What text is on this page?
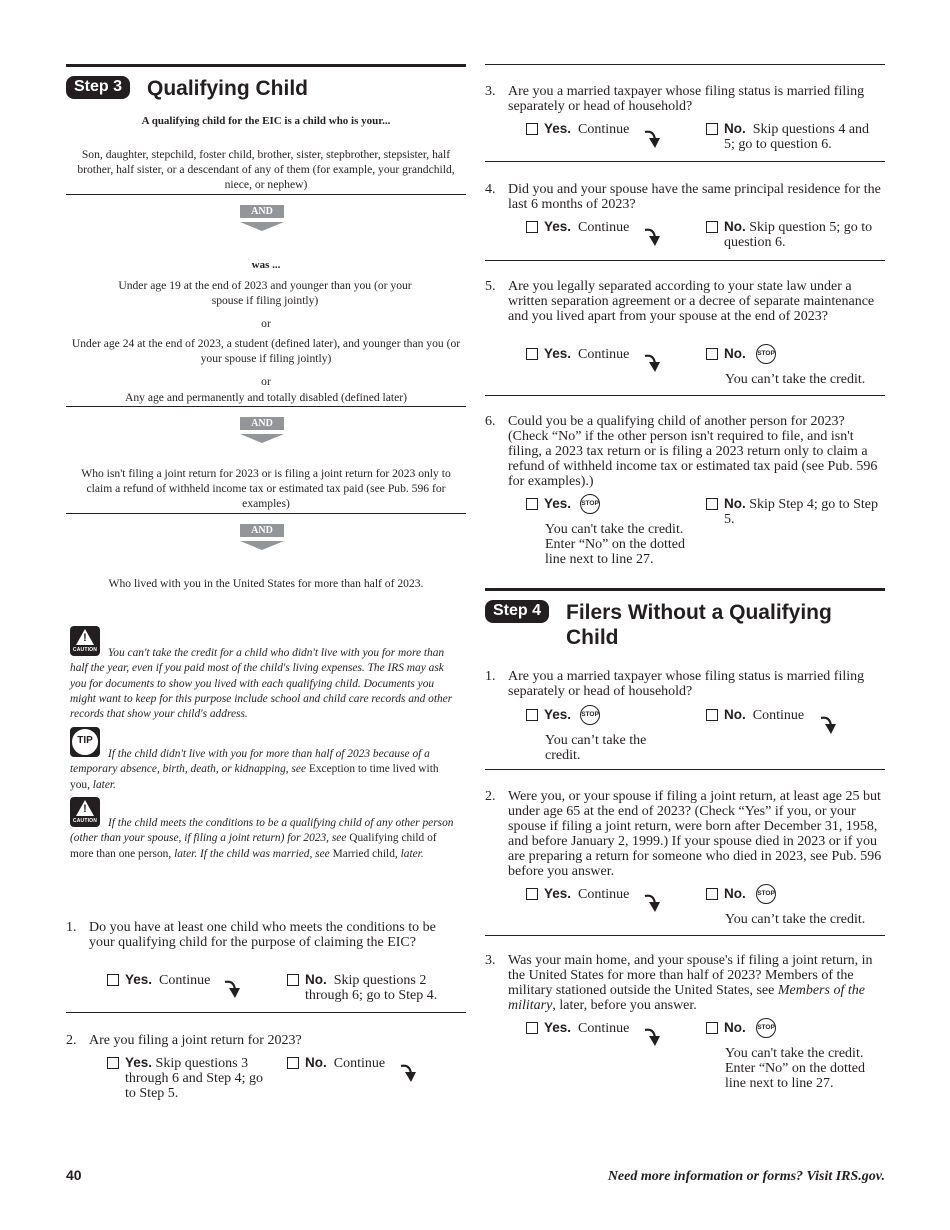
Step 3	Qualifying Child
A qualifying child for the EIC is a child who is your...
Son, daughter, stepchild, foster child, brother, sister, stepbrother, stepsister, half brother, half sister, or a descendant of any of them (for example, your grandchild, niece, or nephew)
AND
was ...
Under age 19 at the end of 2023 and younger than you (or your spouse if filing jointly)
or
Under age 24 at the end of 2023, a student (defined later), and younger than you (or your spouse if filing jointly)
or
Any age and permanently and totally disabled (defined later)
AND
Who isn't filing a joint return for 2023 or is filing a joint return for 2023 only to claim a refund of withheld income tax or estimated tax paid (see Pub. 596 for examples)
AND
Who lived with you in the United States for more than half of 2023.
!
CAUTION You can't take the credit for a child who didn't live with you for more than half the year, even if you paid most of the child's living expenses. The IRS may ask you for documents to show you lived with each qualifying child. Documents you might want to keep for this purpose include school and child care records and other records that show your child's address.
TIP
If the child didn't live with you for more than half of 2023 because of a temporary absence, birth, death, or kidnapping, see Exception to time lived with you, later.
!
CAUTION If the child meets the conditions to be a qualifying child of any other person (other than your spouse, if filing a joint return) for 2023, see Qualifying child of more than one person, later. If the child was married, see Married child, later.
1. Do you have at least one child who meets the conditions to be your qualifying child for the purpose of claiming the EIC?
Yes. Continue	No. Skip questions 2 through 6; go to Step 4.
2. Are you filing a joint return for 2023?
Yes. Skip questions 3 through 6 and Step 4; go to Step 5.
No. Continue
3. Are you a married taxpayer whose filing status is married filing separately or head of household?
Yes. Continue	No. Skip questions 4 and 5; go to question 6.
4. Did you and your spouse have the same principal residence for the last 6 months of 2023?
Yes. Continue	No. Skip question 5; go to question 6.
5. Are you legally separated according to your state law under a written separation agreement or a decree of separate maintenance and you lived apart from your spouse at the end of 2023?
Yes. Continue	No. STOP
You can’t take the credit.
6. Could you be a qualifying child of another person for 2023? (Check “No” if the other person isn't required to file, and isn't filing, a 2023 tax return or is filing a 2023 return only to claim a refund of withheld income tax or estimated tax paid (see Pub. 596 for examples).)
Yes. STOP
You can't take the credit. Enter “No” on the dotted line next to line 27.
No. Skip Step 4; go to Step 5.
Step 4	Filers Without a Qualifying Child
1. Are you a married taxpayer whose filing status is married filing separately or head of household?
Yes. STOP
You can’t take the credit.
No. Continue
2. Were you, or your spouse if filing a joint return, at least age 25 but under age 65 at the end of 2023? (Check “Yes” if you, or your spouse if filing a joint return, were born after December 31, 1958, and before January 2, 1999.) If your spouse died in 2023 or if you are preparing a return for someone who died in 2023, see Pub. 596 before you answer.
Yes. Continue	No. STOP
You can’t take the credit.
3. Was your main home, and your spouse's if filing a joint return, in the United States for more than half of 2023? Members of the military stationed outside the United States, see Members of the military, later, before you answer.
Yes. Continue	No. STOP
You can't take the credit. Enter “No” on the dotted line next to line 27.
40	Need more information or forms? Visit IRS.gov.
